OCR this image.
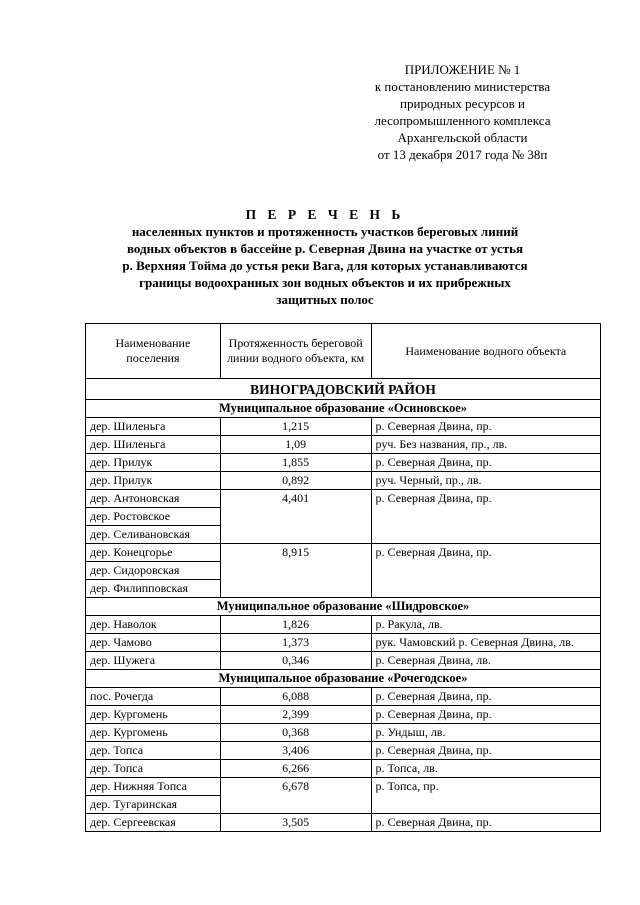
ПРИЛОЖЕНИЕ № 1
к постановлению министерства
природных ресурсов и
лесопромышленного комплекса
Архангельской области
от 13 декабря 2017 года № 38п
П Е Р Е Ч Е Н Ь
населенных пунктов и протяженность участков береговых линий
водных объектов в бассейне р. Северная Двина на участке от устья
р. Верхняя Тойма до устья реки Вага, для которых устанавливаются
границы водоохранных зон водных объектов и их прибрежных
защитных полос
Наименование поселения	Протяженность береговой линии водного объекта, км	Наименование водного объекта
ВИНОГРАДОВСКИЙ РАЙОН		
Муниципальное образование «Осиновское»		
дер. Шиленьга	1,215	р. Северная Двина, пр.
дер. Шиленьга	1,09	руч. Без названия, пр., лв.
дер. Прилук	1,855	р. Северная Двина, пр.
дер. Прилук	0,892	руч. Черный, пр., лв.
дер. Антоновская	4,401	р. Северная Двина, пр.
дер. Ростовское		
дер. Селивановская		
дер. Конецгорье	8,915	р. Северная Двина, пр.
дер. Сидоровская		
дер. Филипповская		
Муниципальное образование «Шидровское»		
дер. Наволок	1,826	р. Ракула, лв.
дер. Чамово	1,373	рук. Чамовский р. Северная Двина, лв.
дер. Шужега	0,346	р. Северная Двина, лв.
Муниципальное образование «Рочегодское»		
пос. Рочегда	6,088	р. Северная Двина, пр.
дер. Кургомень	2,399	р. Северная Двина, пр.
дер. Кургомень	0,368	р. Ундыш, лв.
дер. Топса	3,406	р. Северная Двина, пр.
дер. Топса	6,266	р. Топса, лв.
дер. Нижняя Топса	6,678	р. Топса, пр.
дер. Тугаринская		
дер. Сергеевская	3,505	р. Северная Двина, пр.
